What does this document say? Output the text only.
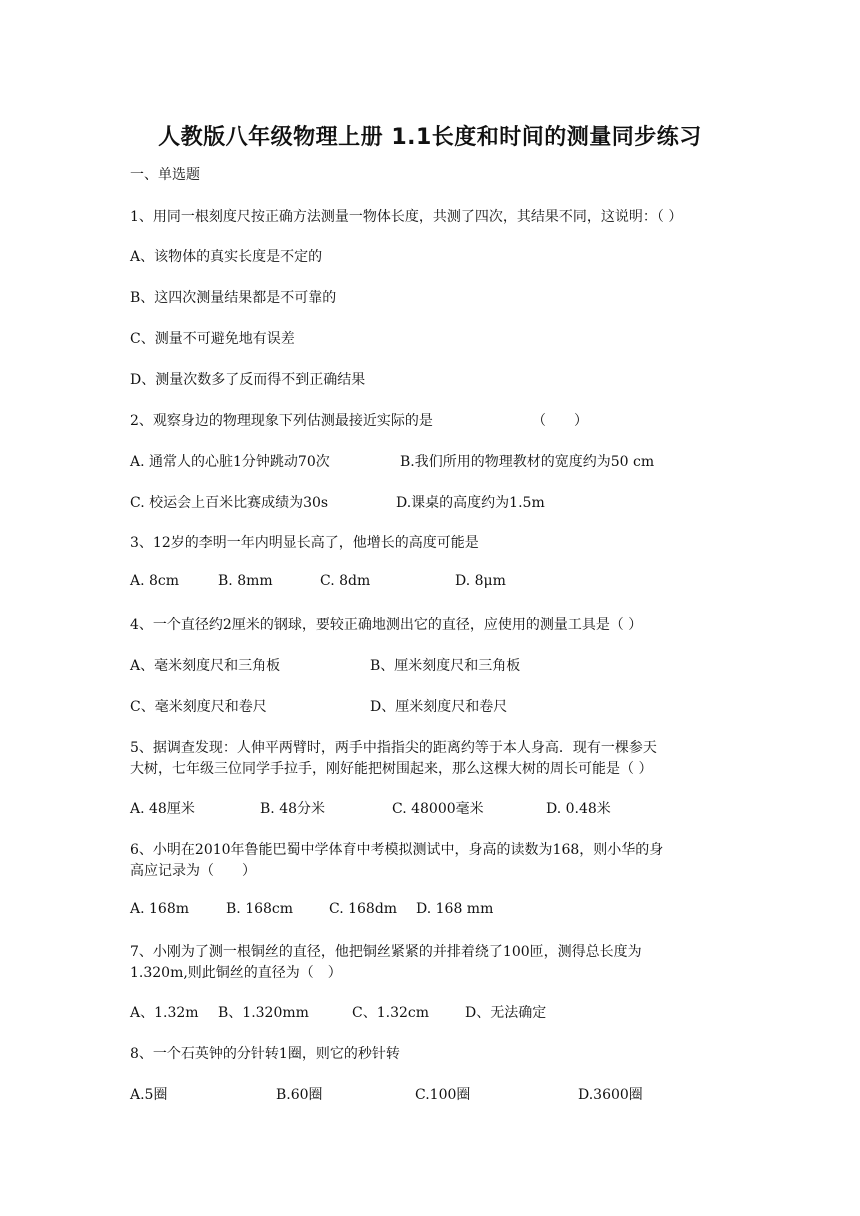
人教版八年级物理上册 1.1长度和时间的测量同步练习
一、单选题
1、用同一根刻度尺按正确方法测量一物体长度，共测了四次，其结果不同，这说明：（ ）
A、该物体的真实长度是不定的
B、这四次测量结果都是不可靠的
C、测量不可避免地有误差
D、测量次数多了反而得不到正确结果
2、观察身边的物理现象下列估测最接近实际的是	（　　）
A. 通常人的心脏1分钟跳动70次	B.我们所用的物理教材的宽度约为50 cm
C. 校运会上百米比赛成绩为30s	D.课桌的高度约为1.5m
3、12岁的李明一年内明显长高了，他增长的高度可能是
A. 8cm	B. 8mm	C. 8dm	D. 8μm
4、一个直径约2厘米的钢球，要较正确地测出它的直径，应使用的测量工具是（ ）
A、毫米刻度尺和三角板	B、厘米刻度尺和三角板
C、毫米刻度尺和卷尺	D、厘米刻度尺和卷尺
5、据调查发现：人伸平两臂时，两手中指指尖的距离约等于本人身高．现有一棵参天
大树，七年级三位同学手拉手，刚好能把树围起来，那么这棵大树的周长可能是（ ）
A. 48厘米	B. 48分米	C. 48000毫米	D. 0.48米
6、小明在2010年鲁能巴蜀中学体育中考模拟测试中，身高的读数为168，则小华的身
高应记录为（　　）
A. 168m	B. 168cm	C. 168dm D. 168 mm
7、小刚为了测一根铜丝的直径，他把铜丝紧紧的并排着绕了100匝，测得总长度为
1.320m,则此铜丝的直径为（　）
A、1.32m B、1.320mm	C、1.32cm	D、无法确定
8、一个石英钟的分针转1圈，则它的秒针转
A.5圈	B.60圈	C.100圈	D.3600圈
